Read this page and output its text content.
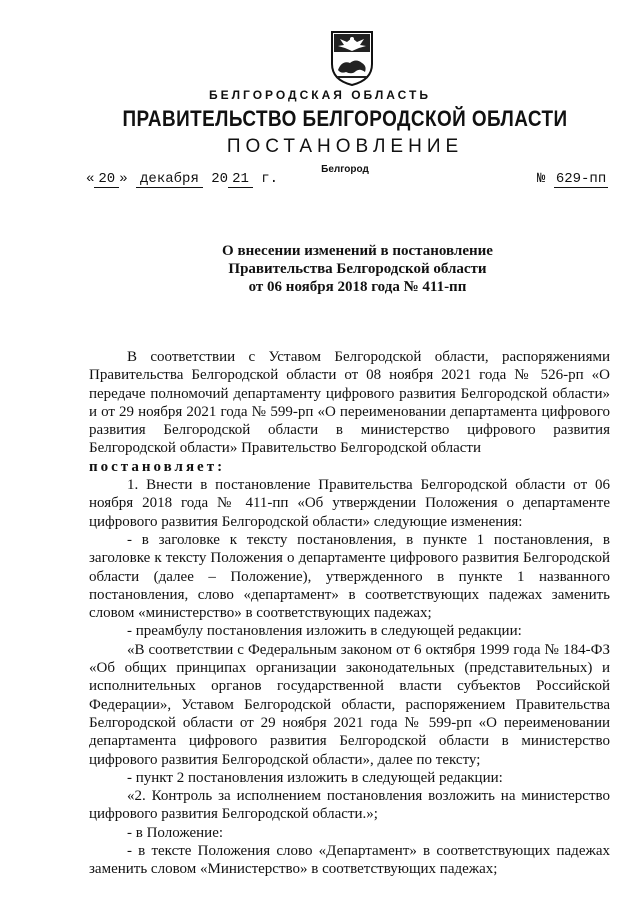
БЕЛГОРОДСКАЯ ОБЛАСТЬ
ПРАВИТЕЛЬСТВО БЕЛГОРОДСКОЙ ОБЛАСТИ
ПОСТАНОВЛЕНИЕ
Белгород
« 20 » декабря 20 21 г.	№ 629-пп
О внесении изменений в постановление
Правительства Белгородской области
от 06 ноября 2018 года № 411-пп

В соответствии с Уставом Белгородской области, распоряжениями Правительства Белгородской области от 08 ноября 2021 года № 526-рп «О передаче полномочий департаменту цифрового развития Белгородской области» и от 29 ноября 2021 года № 599-рп «О переименовании департамента цифрового развития Белгородской области в министерство цифрового развития Белгородской области» Правительство Белгородской области

постановляет:

1. Внести в постановление Правительства Белгородской области от 06 ноября 2018 года № 411-пп «Об утверждении Положения о департаменте цифрового развития Белгородской области» следующие изменения:

- в заголовке к тексту постановления, в пункте 1 постановления, в заголовке к тексту Положения о департаменте цифрового развития Белгородской области (далее – Положение), утвержденного в пункте 1 названного постановления, слово «департамент» в соответствующих падежах заменить словом «министерство» в соответствующих падежах;

- преамбулу постановления изложить в следующей редакции:

«В соответствии с Федеральным законом от 6 октября 1999 года № 184-ФЗ «Об общих принципах организации законодательных (представительных) и исполнительных органов государственной власти субъектов Российской Федерации», Уставом Белгородской области, распоряжением Правительства Белгородской области от 29 ноября 2021 года № 599-рп «О переименовании департамента цифрового развития Белгородской области в министерство цифрового развития Белгородской области», далее по тексту;

- пункт 2 постановления изложить в следующей редакции:

«2. Контроль за исполнением постановления возложить на министерство цифрового развития Белгородской области.»;

- в Положение:

- в тексте Положения слово «Департамент» в соответствующих падежах заменить словом «Министерство» в соответствующих падежах;
